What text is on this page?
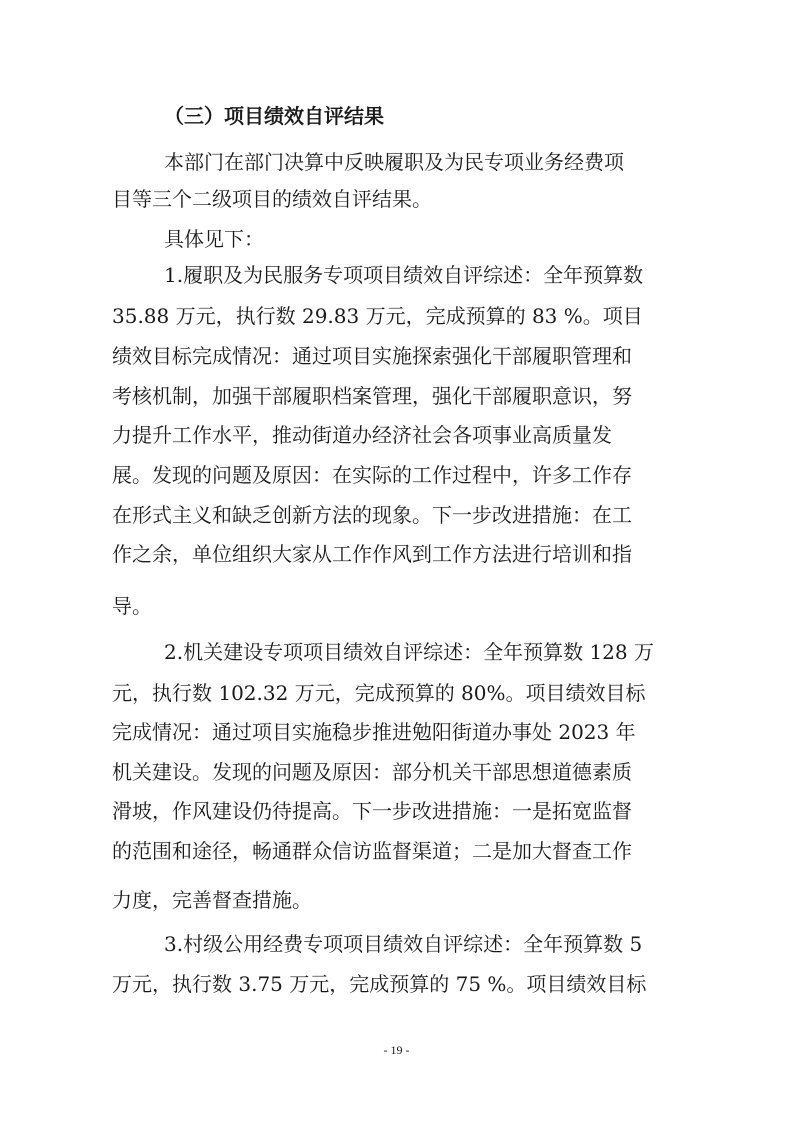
（三）项目绩效自评结果
本部门在部门决算中反映履职及为民专项业务经费项
目等三个二级项目的绩效自评结果。
具体见下：
1.履职及为民服务专项项目绩效自评综述：全年预算数
35.88 万元，执行数 29.83 万元，完成预算的 83 %。项目
绩效目标完成情况：通过项目实施探索强化干部履职管理和
考核机制，加强干部履职档案管理，强化干部履职意识，努
力提升工作水平，推动街道办经济社会各项事业高质量发
展。发现的问题及原因：在实际的工作过程中，许多工作存
在形式主义和缺乏创新方法的现象。下一步改进措施：在工
作之余，单位组织大家从工作作风到工作方法进行培训和指
导。
2.机关建设专项项目绩效自评综述：全年预算数 128 万
元，执行数 102.32 万元，完成预算的 80%。项目绩效目标
完成情况：通过项目实施稳步推进勉阳街道办事处 2023 年
机关建设。发现的问题及原因：部分机关干部思想道德素质
滑坡，作风建设仍待提高。下一步改进措施：一是拓宽监督
的范围和途径，畅通群众信访监督渠道；二是加大督查工作
力度，完善督查措施。
3.村级公用经费专项项目绩效自评综述：全年预算数 5
万元，执行数 3.75 万元，完成预算的 75 %。项目绩效目标
- 19 -
